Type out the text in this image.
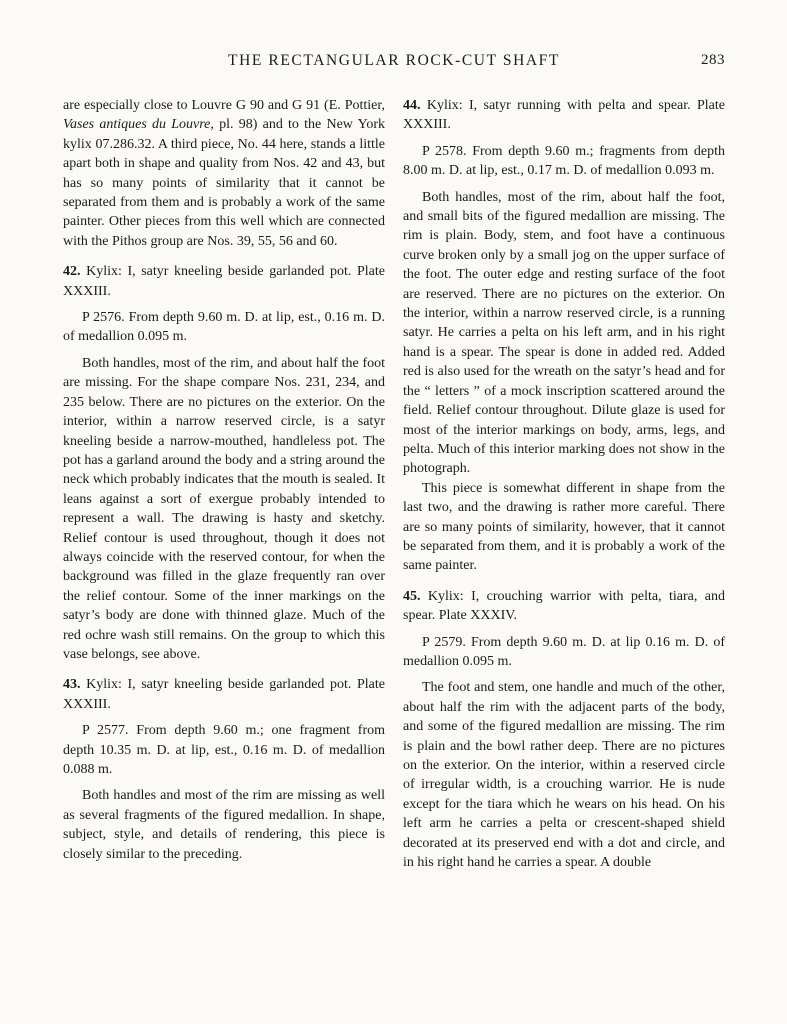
THE RECTANGULAR ROCK-CUT SHAFT	283

are especially close to Louvre G 90 and G 91 (E. Pottier, Vases antiques du Louvre, pl. 98) and to the New York kylix 07.286.32. A third piece, No. 44 here, stands a little apart both in shape and quality from Nos. 42 and 43, but has so many points of similarity that it cannot be separated from them and is probably a work of the same painter. Other pieces from this well which are connected with the Pithos group are Nos. 39, 55, 56 and 60.

42. Kylix: I, satyr kneeling beside garlanded pot. Plate XXXIII.

P 2576. From depth 9.60 m. D. at lip, est., 0.16 m. D. of medallion 0.095 m.

Both handles, most of the rim, and about half the foot are missing. For the shape compare Nos. 231, 234, and 235 below. There are no pictures on the exterior. On the interior, within a narrow reserved circle, is a satyr kneeling beside a narrow-mouthed, handleless pot. The pot has a garland around the body and a string around the neck which probably indicates that the mouth is sealed. It leans against a sort of exergue probably intended to represent a wall. The drawing is hasty and sketchy. Relief contour is used throughout, though it does not always coincide with the reserved contour, for when the background was filled in the glaze frequently ran over the relief contour. Some of the inner markings on the satyr’s body are done with thinned glaze. Much of the red ochre wash still remains. On the group to which this vase belongs, see above.

43. Kylix: I, satyr kneeling beside garlanded pot. Plate XXXIII.

P 2577. From depth 9.60 m.; one fragment from depth 10.35 m. D. at lip, est., 0.16 m. D. of medallion 0.088 m.

Both handles and most of the rim are missing as well as several fragments of the figured medallion. In shape, subject, style, and details of rendering, this piece is closely similar to the preceding.

44. Kylix: I, satyr running with pelta and spear. Plate XXXIII.

P 2578. From depth 9.60 m.; fragments from depth 8.00 m. D. at lip, est., 0.17 m. D. of medallion 0.093 m.

Both handles, most of the rim, about half the foot, and small bits of the figured medallion are missing. The rim is plain. Body, stem, and foot have a continuous curve broken only by a small jog on the upper surface of the foot. The outer edge and resting surface of the foot are reserved. There are no pictures on the exterior. On the interior, within a narrow reserved circle, is a running satyr. He carries a pelta on his left arm, and in his right hand is a spear. The spear is done in added red. Added red is also used for the wreath on the satyr’s head and for the “ letters ” of a mock inscription scattered around the field. Relief contour throughout. Dilute glaze is used for most of the interior markings on body, arms, legs, and pelta. Much of this interior marking does not show in the photograph.

This piece is somewhat different in shape from the last two, and the drawing is rather more careful. There are so many points of similarity, however, that it cannot be separated from them, and it is probably a work of the same painter.

45. Kylix: I, crouching warrior with pelta, tiara, and spear. Plate XXXIV.

P 2579. From depth 9.60 m. D. at lip 0.16 m. D. of medallion 0.095 m.

The foot and stem, one handle and much of the other, about half the rim with the adjacent parts of the body, and some of the figured medallion are missing. The rim is plain and the bowl rather deep. There are no pictures on the exterior. On the interior, within a reserved circle of irregular width, is a crouching warrior. He is nude except for the tiara which he wears on his head. On his left arm he carries a pelta or crescent-shaped shield decorated at its preserved end with a dot and circle, and in his right hand he carries a spear. A double
